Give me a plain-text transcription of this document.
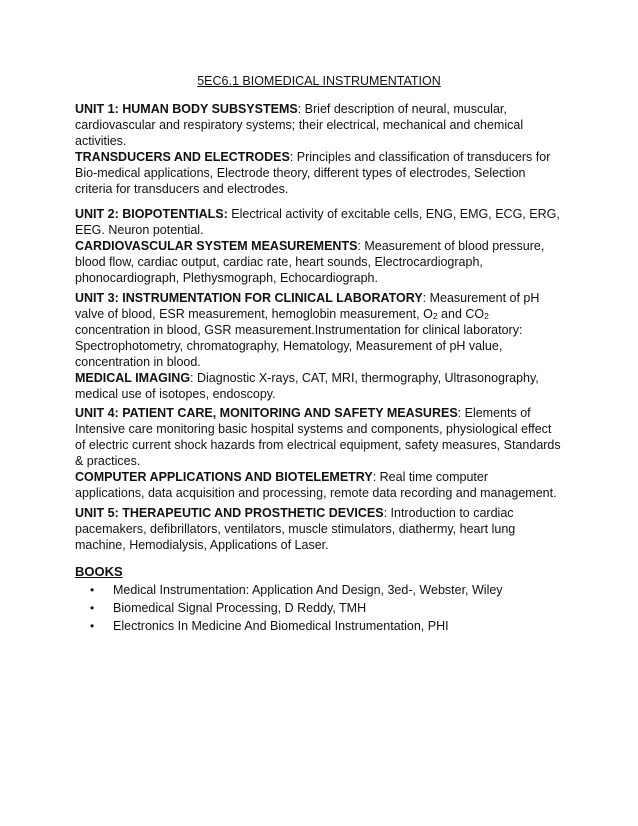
5EC6.1 BIOMEDICAL INSTRUMENTATION

UNIT 1: HUMAN BODY SUBSYSTEMS: Brief description of neural, muscular,
cardiovascular and respiratory systems; their electrical, mechanical and chemical
activities.

TRANSDUCERS AND ELECTRODES: Principles and classification of transducers for
Bio-medical applications, Electrode theory, different types of electrodes, Selection
criteria for transducers and electrodes.

UNIT 2: BIOPOTENTIALS: Electrical activity of excitable cells, ENG, EMG, ECG, ERG,
EEG. Neuron potential.

CARDIOVASCULAR SYSTEM MEASUREMENTS: Measurement of blood pressure,
blood flow, cardiac output, cardiac rate, heart sounds, Electrocardiograph,
phonocardiograph, Plethysmograph, Echocardiograph.

UNIT 3: INSTRUMENTATION FOR CLINICAL LABORATORY: Measurement of pH
valve of blood, ESR measurement, hemoglobin measurement, $O_2$ and $CO_2$
concentration in blood, GSR measurement.Instrumentation for clinical laboratory:
Spectrophotometry, chromatography, Hematology, Measurement of pH value,
concentration in blood.

MEDICAL IMAGING: Diagnostic X-rays, CAT, MRI, thermography, Ultrasonography,
medical use of isotopes, endoscopy.

UNIT 4: PATIENT CARE, MONITORING AND SAFETY MEASURES: Elements of
Intensive care monitoring basic hospital systems and components, physiological effect
of electric current shock hazards from electrical equipment, safety measures, Standards
& practices.

COMPUTER APPLICATIONS AND BIOTELEMETRY: Real time computer
applications, data acquisition and processing, remote data recording and management.

UNIT 5: THERAPEUTIC AND PROSTHETIC DEVICES: Introduction to cardiac
pacemakers, defibrillators, ventilators, muscle stimulators, diathermy, heart lung
machine, Hemodialysis, Applications of Laser.

BOOKS
• Medical Instrumentation: Application And Design, 3ed-, Webster, Wiley
• Biomedical Signal Processing, D Reddy, TMH
• Electronics In Medicine And Biomedical Instrumentation, PHI
